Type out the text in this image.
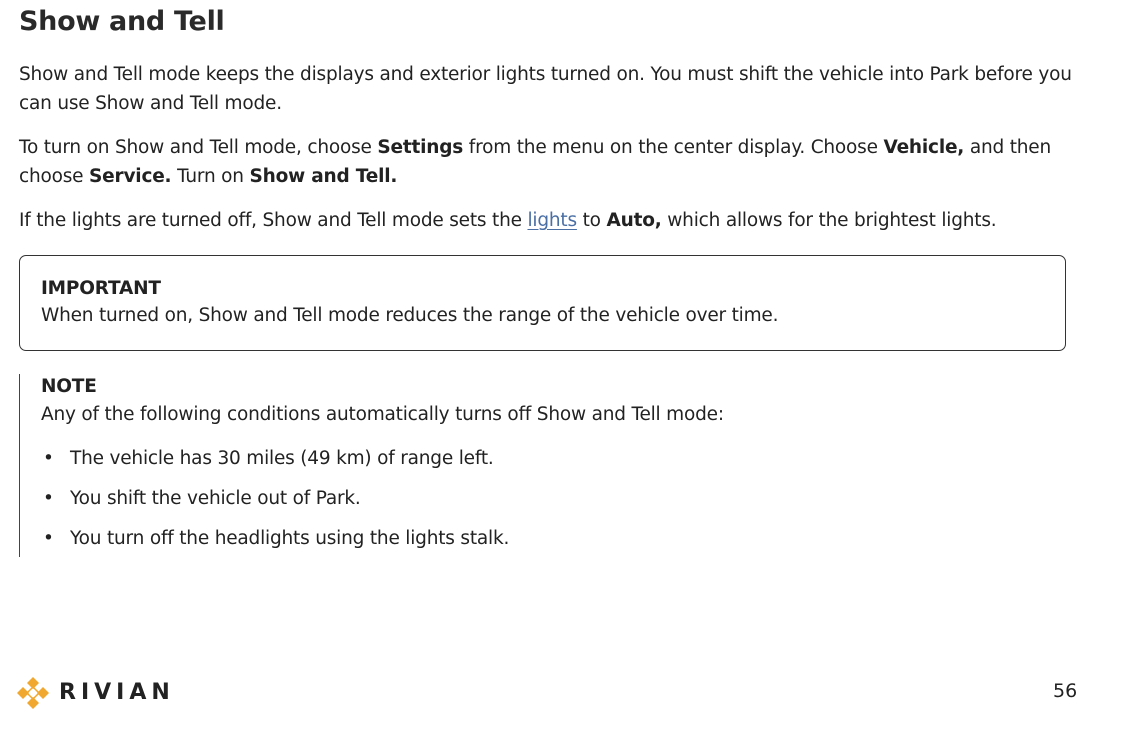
Show and Tell

Show and Tell mode keeps the displays and exterior lights turned on. You must shift the vehicle into Park before you can use Show and Tell mode.

To turn on Show and Tell mode, choose Settings from the menu on the center display. Choose Vehicle, and then choose Service. Turn on Show and Tell.

If the lights are turned off, Show and Tell mode sets the lights to Auto, which allows for the brightest lights.

IMPORTANT

When turned on, Show and Tell mode reduces the range of the vehicle over time.

NOTE

Any of the following conditions automatically turns off Show and Tell mode:

• The vehicle has 30 miles (49 km) of range left.
• You shift the vehicle out of Park.
• You turn off the headlights using the lights stalk.
RIVIAN	56
